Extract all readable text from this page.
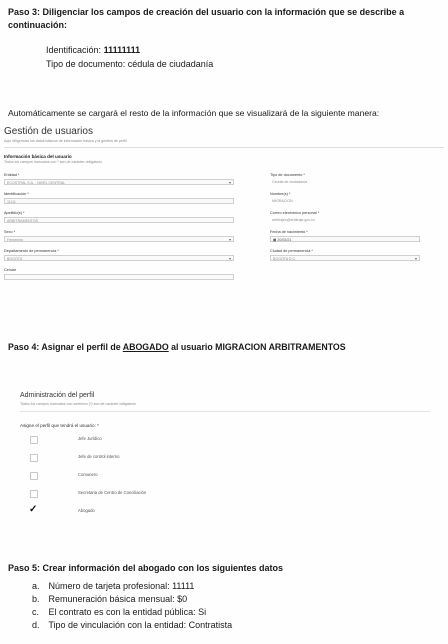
Paso 3: Diligenciar los campos de creación del usuario con la información que se describe a continuación:
Identificación: 11111111
Tipo de documento: cédula de ciudadanía
Automáticamente se cargará el resto de la información que se visualizará de la siguiente manera:
Gestión de usuarios
Aquí diligencias los datos básicos de información básica y la gestión de perfil
Información básica del usuario
Todos los campos marcados con * son de carácter obligatorio
Entidad *
ECOSTRAL S.A. - NIVEL CENTRAL	▾
Tipo de documento *
Cédula de ciudadanía
Identificación *
11111
Nombre(s) *
MIGRACION
Apellido(s) *
ARBITRAMENTOS
Correo electrónico personal *
arbitrajes@arbitraje.gov.co
Sexo *
Femenino	▾
Fecha de nacimiento *
▦ 20/03/21
Departamento de permanencia *
BOGOTA	▾
Ciudad de permanencia *
BOGOTA D.C.	▾
Celular
Paso 4: Asignar el perfil de ABOGADO al usuario MIGRACION ARBITRAMENTOS
Administración del perfil
Todos los campos marcados con asterisco (*) son de carácter obligatorio
Asigne el perfil que tendrá el usuario: *
Jefe Jurídico
Jefe de control interno
Comunero
Secretaria de Centro de Conciliación
✓	Abogado
Paso 5: Crear información del abogado con los siguientes datos
a. Número de tarjeta profesional: 11111
b. Remuneración básica mensual: $0
c. El contrato es con la entidad pública: Si
d. Tipo de vinculación con la entidad: Contratista
